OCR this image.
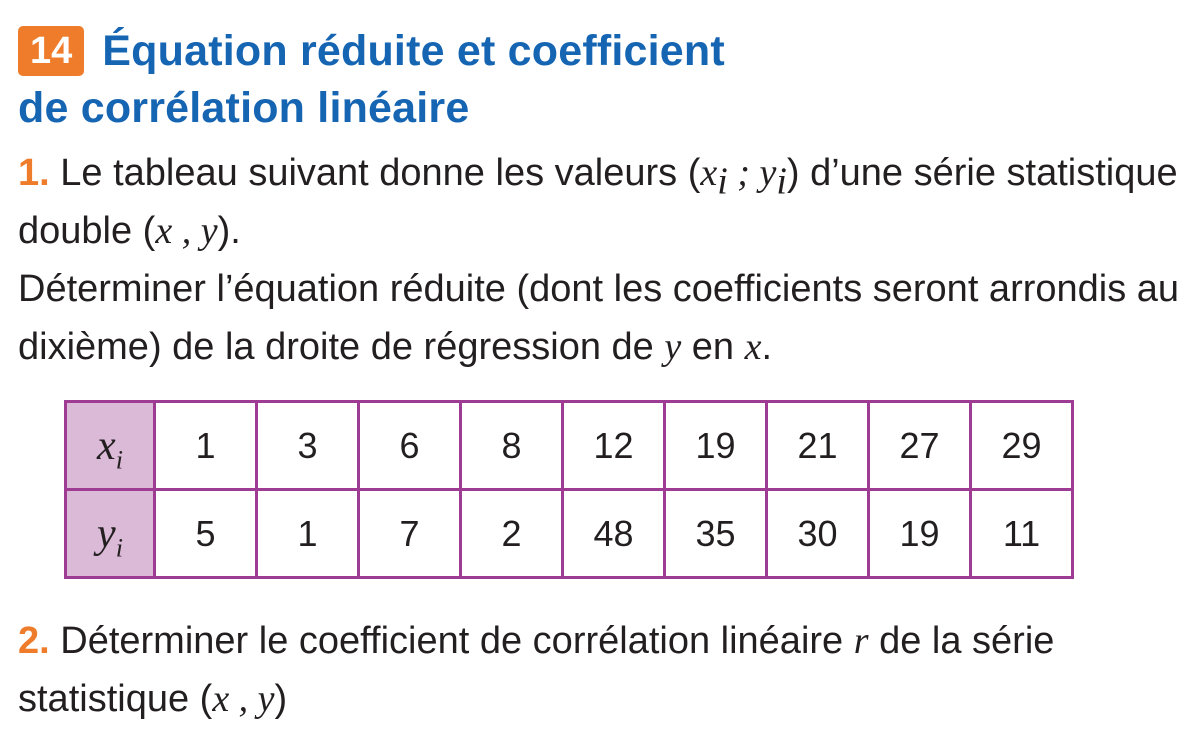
14 Équation réduite et coefficient
de corrélation linéaire
1. Le tableau suivant donne les valeurs ($x_i$ ; $y_i$) d’une série statistique double (x , y).
Déterminer l’équation réduite (dont les coefficients seront arrondis au dixième) de la droite de régression de y en x.
$x_i$	1	3	6	8	12	19	21	27	29
$y_i$	5	1	7	2	48	35	30	19	11
2. Déterminer le coefficient de corrélation linéaire r de la série statistique (x , y)
